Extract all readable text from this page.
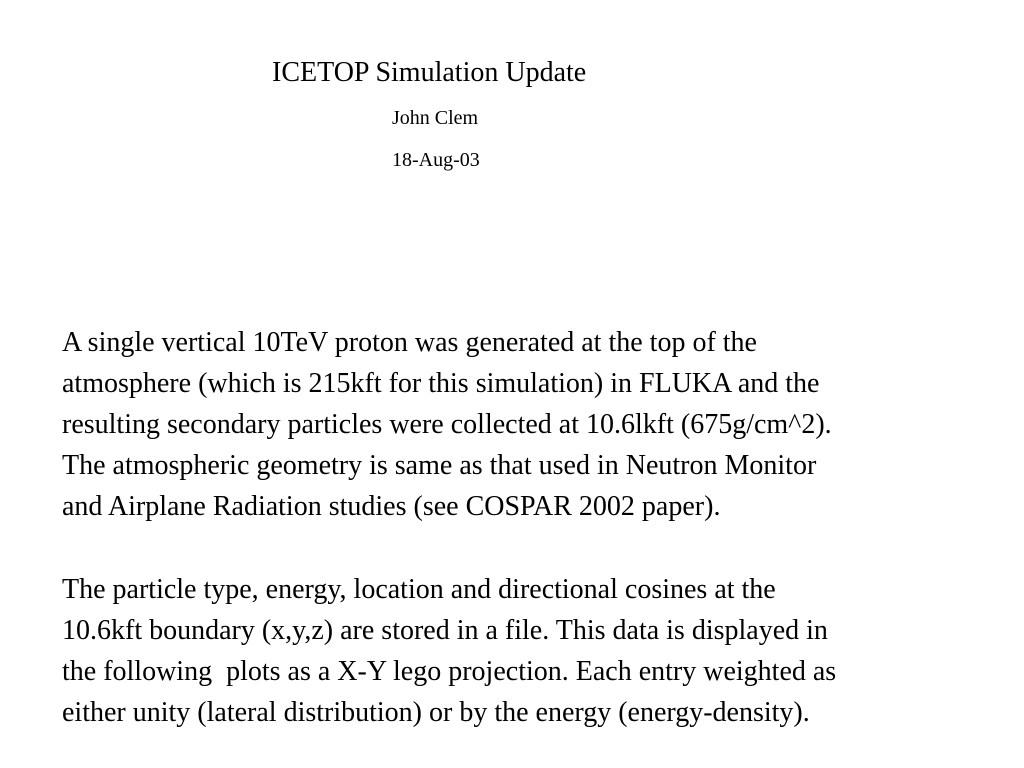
ICETOP Simulation Update
John Clem
18-Aug-03

A single vertical 10TeV proton was generated at the top of the
atmosphere (which is 215kft for this simulation) in FLUKA and the
resulting secondary particles were collected at 10.6lkft (675g/cm^2).
The atmospheric geometry is same as that used in Neutron Monitor
and Airplane Radiation studies (see COSPAR 2002 paper).

The particle type, energy, location and directional cosines at the
10.6kft boundary (x,y,z) are stored in a file. This data is displayed in
the following  plots as a X-Y lego projection. Each entry weighted as
either unity (lateral distribution) or by the energy (energy-density).
